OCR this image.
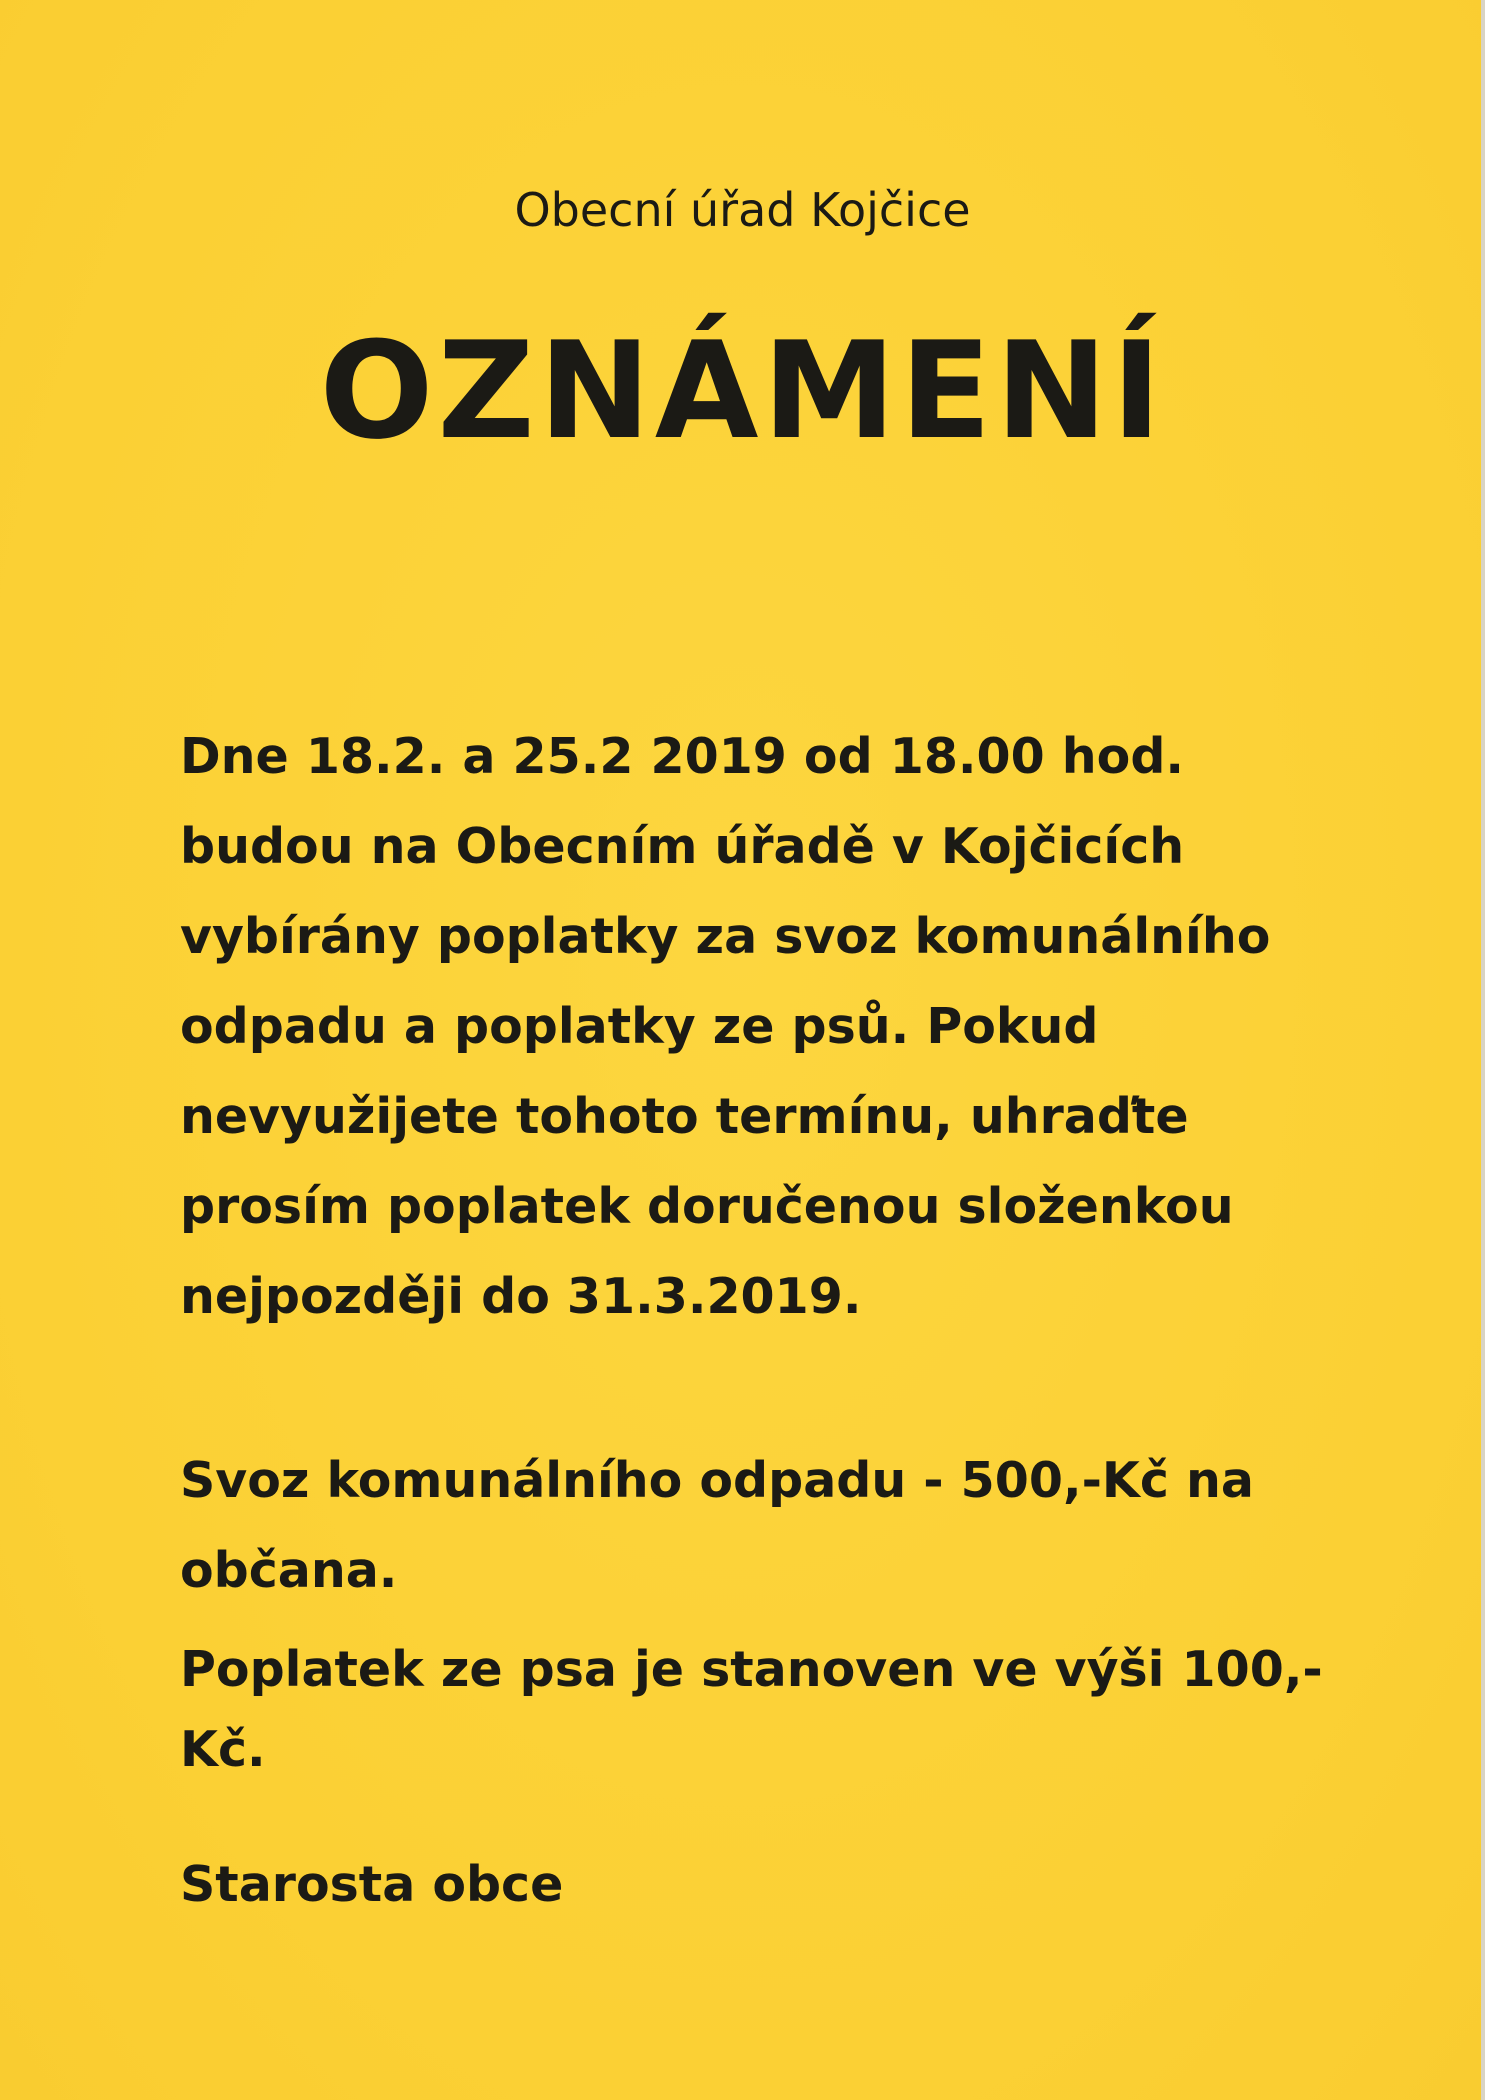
Obecní úřad Kojčice
OZNÁMENÍ

Dne 18.2. a 25.2 2019 od 18.00 hod. budou na Obecním úřadě v Kojčicích vybírány poplatky za svoz komunálního odpadu a poplatky ze psů. Pokud nevyužijete tohoto termínu, uhraďte prosím poplatek doručenou složenkou nejpozději do 31.3.2019.

Svoz komunálního odpadu - 500,-Kč na občana.

Poplatek ze psa je stanoven ve výši 100,-Kč.

Starosta obce
